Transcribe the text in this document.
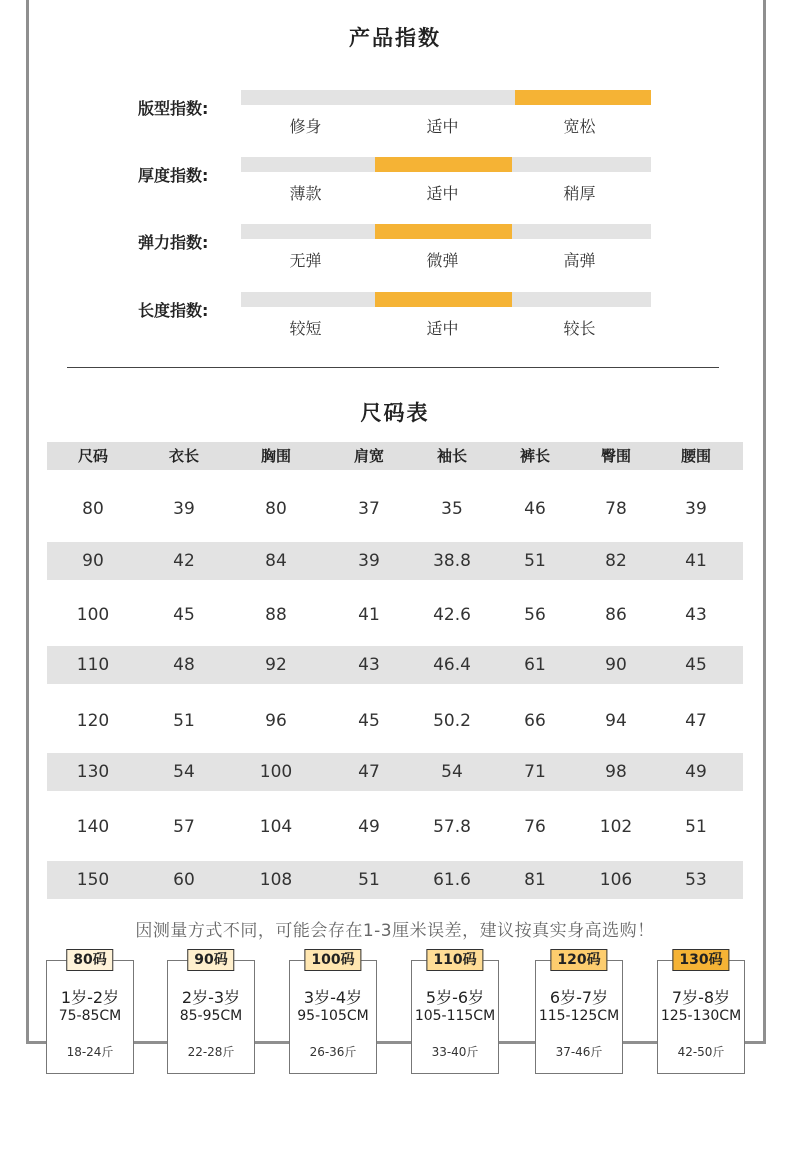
产品指数
版型指数:
修身	适中	宽松
厚度指数:
薄款	适中	稍厚
弹力指数:
无弹	微弹	高弹
长度指数:
较短	适中	较长
尺码表
尺码	衣长	胸围	肩宽	袖长	裤长	臀围	腰围
80	39	80	37	35	46	78	39
90	42	84	39	38.8	51	82	41
100	45	88	41	42.6	56	86	43
110	48	92	43	46.4	61	90	45
120	51	96	45	50.2	66	94	47
130	54	100	47	54	71	98	49
140	57	104	49	57.8	76	102	51
150	60	108	51	61.6	81	106	53
因测量方式不同，可能会存在1-3厘米误差，建议按真实身高选购！
80码
1岁-2岁
75-85CM
18-24斤
90码
2岁-3岁
85-95CM
22-28斤
100码
3岁-4岁
95-105CM
26-36斤
110码
5岁-6岁
105-115CM
33-40斤
120码
6岁-7岁
115-125CM
37-46斤
130码
7岁-8岁
125-130CM
42-50斤
